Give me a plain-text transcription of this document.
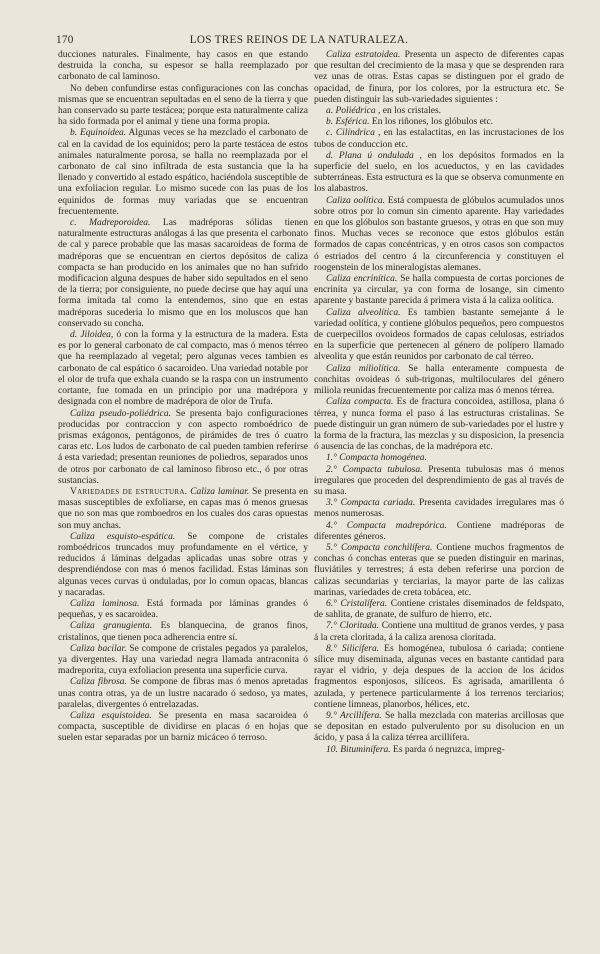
170	LOS TRES REINOS DE LA NATURALEZA.

ducciones naturales. Finalmente, hay casos en que estando destruida la concha, su espesor se halla reemplazado por carbonato de cal laminoso.

No deben confundirse estas configuraciones con las conchas mismas que se encuentran sepultadas en el seno de la tierra y que han conservado su parte testácea; porque esta naturalmente caliza ha sido formada por el animal y tiene una forma propia.

b. Equinoidea. Algunas veces se ha mezclado el carbonato de cal en la cavidad de los equinidos; pero la parte testácea de estos animales naturalmente porosa, se halla no reemplazada por el carbonato de cal sino infiltrada de esta sustancia que la ha llenado y convertido al estado espático, haciéndola susceptible de una exfoliacion regular. Lo mismo sucede con las puas de los equinidos de formas muy variadas que se encuentran frecuentemente.

c. Madreporoidea. Las madréporas sólidas tienen naturalmente estructuras análogas á las que presenta el carbonato de cal y parece probable que las masas sacaroideas de forma de madréporas que se encuentran en ciertos depósitos de caliza compacta se han producido en los animales que no han sufrido modificacion alguna despues de haber sido sepultados en el seno de la tierra; por consiguiente, no puede decirse que hay aquí una forma imitada tal como la entendemos, sino que en estas madréporas sucederia lo mismo que en los moluscos que han conservado su concha.

d. Jiloidea, ó con la forma y la estructura de la madera. Esta es por lo general carbonato de cal compacto, mas ó menos térreo que ha reemplazado al vegetal; pero algunas veces tambien es carbonato de cal espático ó sacaroideo. Una variedad notable por el olor de trufa que exhala cuando se la raspa con un instrumento cortante, fue tomada en un principio por una madrépora y designada con el nombre de madrépora de olor de Trufa.

Caliza pseudo-poliédrica. Se presenta bajo configuraciones producidas por contraccion y con aspecto romboédrico de prismas exágonos, pentágonos, de pirámides de tres ó cuatro caras etc. Los ludos de carbonato de cal pueden tambien referirse á esta variedad; presentan reuniones de poliedros, separados unos de otros por carbonato de cal laminoso fibroso etc., ó por otras sustancias.

Variedades de estructura. Caliza laminar. Se presenta en masas susceptibles de exfoliarse, en capas mas ó menos gruesas que no son mas que romboedros en los cuales dos caras opuestas son muy anchas.

Caliza esquisto-espática. Se compone de cristales romboédricos truncados muy profundamente en el vértice, y reducidos á láminas delgadas aplicadas unas sobre otras y desprendiéndose con mas ó menos facilidad. Estas láminas son algunas veces curvas ú onduladas, por lo comun opacas, blancas y nacaradas.

Caliza laminosa. Está formada por láminas grandes ó pequeñas, y es sacaroidea.

Caliza granugienta. Es blanquecina, de granos finos, cristalinos, que tienen poca adherencia entre sí.

Caliza bacilar. Se compone de cristales pegados ya paralelos, ya divergentes. Hay una variedad negra llamada antraconita ó madreporita, cuya exfoliacion presenta una superficie curva.

Caliza fibrosa. Se compone de fibras mas ó menos apretadas unas contra otras, ya de un lustre nacarado ó sedoso, ya mates, paralelas, divergentes ó entrelazadas.

Caliza esquistoidea. Se presenta en masa sacaroidea ó compacta, susceptible de dividirse en placas ó en hojas que suelen estar separadas por un barniz micáceo ó terroso.

Caliza estratoidea. Presenta un aspecto de diferentes capas que resultan del crecimiento de la masa y que se desprenden rara vez unas de otras. Estas capas se distinguen por el grado de opacidad, de finura, por los colores, por la estructura etc. Se pueden distinguir las sub-variedades siguientes :

a. Poliédrica , en los cristales.

b. Esférica. En los riñones, los glóbulos etc.

c. Cilíndrica , en las estalactitas, en las incrustaciones de los tubos de conduccion etc.

d. Plana ú ondulada , en los depósitos formados en la superficie del suelo, en los acueductos, y en las cavidades subterráneas. Esta estructura es la que se observa comunmente en los alabastros.

Caliza oolítica. Está compuesta de glóbulos acumulados unos sobre otros por lo comun sin cimento aparente. Hay variedades en que los glóbulos son bastante gruesos, y otras en que son muy finos. Muchas veces se reconoce que estos glóbulos están formados de capas concéntricas, y en otros casos son compactos ó estriados del centro á la circunferencia y constituyen el roogenstein de los mineralogistas alemanes.

Caliza encrinítica. Se halla compuesta de cortas porciones de encrinita ya circular, ya con forma de losange, sin cimento aparente y bastante parecida á primera vista á la caliza oolítica.

Caliza alveolítica. Es tambien bastante semejante á le variedad oolítica, y contiene glóbulos pequeños, pero compuestos de cuerpecillos ovoideos formados de capas celulosas, estriados en la superficie que pertenecen al género de polípero llamado alveolita y que están reunidos por carbonato de cal térreo.

Caliza miliolítica. Se halla enteramente compuesta de conchitas ovoideas ó sub-trigonas, multiloculares del género miliola reunidas frecuentemente por caliza mas ó menos térrea.

Caliza compacta. Es de fractura concoidea, astillosa, plana ó térrea, y nunca forma el paso á las estructuras cristalinas. Se puede distinguir un gran número de sub-variedades por el lustre y la forma de la fractura, las mezclas y su disposicion, la presencia ó ausencia de las conchas, de la madrépora etc.

1.° Compacta homogénea.

2.° Compacta tubulosa. Presenta tubulosas mas ó menos irregulares que proceden del desprendimiento de gas al través de su masa.

3.° Compacta cariada. Presenta cavidades irregulares mas ó menos numerosas.

4.° Compacta madrepórica. Contiene madréporas de diferentes géneros.

5.° Compacta conchilífera. Contiene muchos fragmentos de conchas ó conchas enteras que se pueden distinguir en marinas, fluviátiles y terrestres; á esta deben referirse una porcion de calizas secundarias y terciarias, la mayor parte de las calizas marinas, variedades de creta tobácea, etc.

6.° Cristalífera. Contiene cristales diseminados de feldspato, de sahlita, de granate, de sulfuro de hierro, etc.

7.° Cloritada. Contiene una multitud de granos verdes, y pasa á la creta cloritada, á la caliza arenosa cloritada.

8.° Silicífera. Es homogénea, tubulosa ó cariada; contiene sílice muy diseminada, algunas veces en bastante cantidad para rayar el vidrio, y deja despues de la accion de los ácidos fragmentos esponjosos, silíceos. Es agrisada, amarillenta ó azulada, y pertenece particularmente á los terrenos terciarios; contiene limneas, planorbos, hélices, etc.

9.° Arcillífera. Se halla mezclada con materias arcillosas que se depositan en estado pulverulento por su disolucion en un ácido, y pasa á la caliza térrea arcillífera.

10. Bituminífera. Es parda ó negruzca, impreg-
